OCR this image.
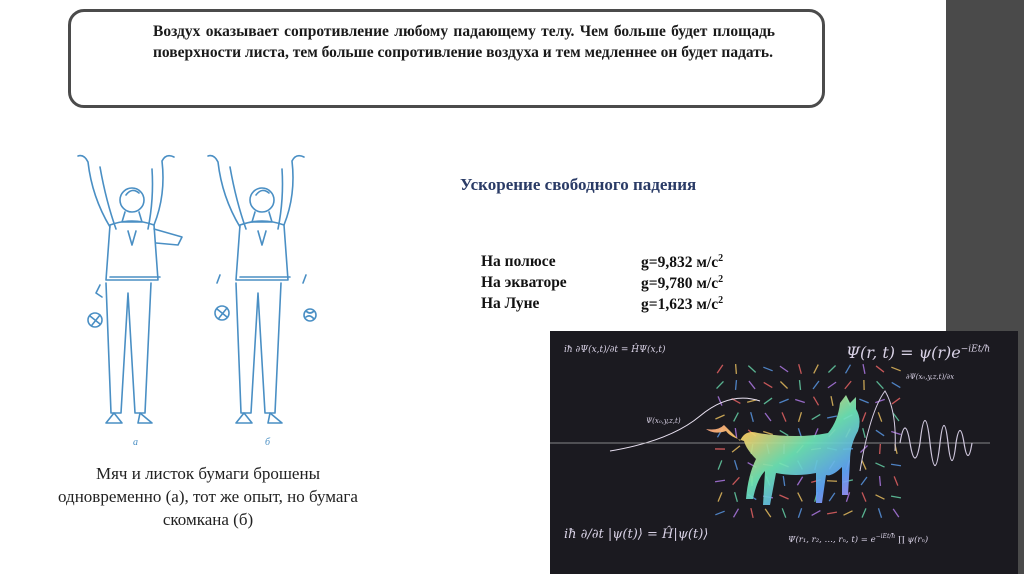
Воздух оказывает сопротивление любому падающему телу. Чем больше будет площадь поверхности листа, тем больше сопротивление воздуха и тем медленнее он будет падать.
а	б
Мяч и листок бумаги брошены одновременно (а), тот же опыт, но бумага скомкана (б)
Ускорение свободного падения
На полюсе	g=9,832 $м/с^2$
На экваторе	g=9,780 $м/с^2$
На Луне	g=1,623 $м/с^2$
iħ ∂Ψ(x,t)/∂t = ĤΨ(x,t)	Ψ(r, $t) = \psi(r)e^{-iEt/ħ}$
∂Ψ(x₀,y,z,t)/∂x
Ψ(x₀,y,z,t)
iħ ∂/∂t |ψ(t)⟩ = Ĥ|ψ(t)⟩	Ψ(r₁, r₂, …, rₙ, $t) = e^{-iEt/ħ}$ ∏ ψ(rₙ)
